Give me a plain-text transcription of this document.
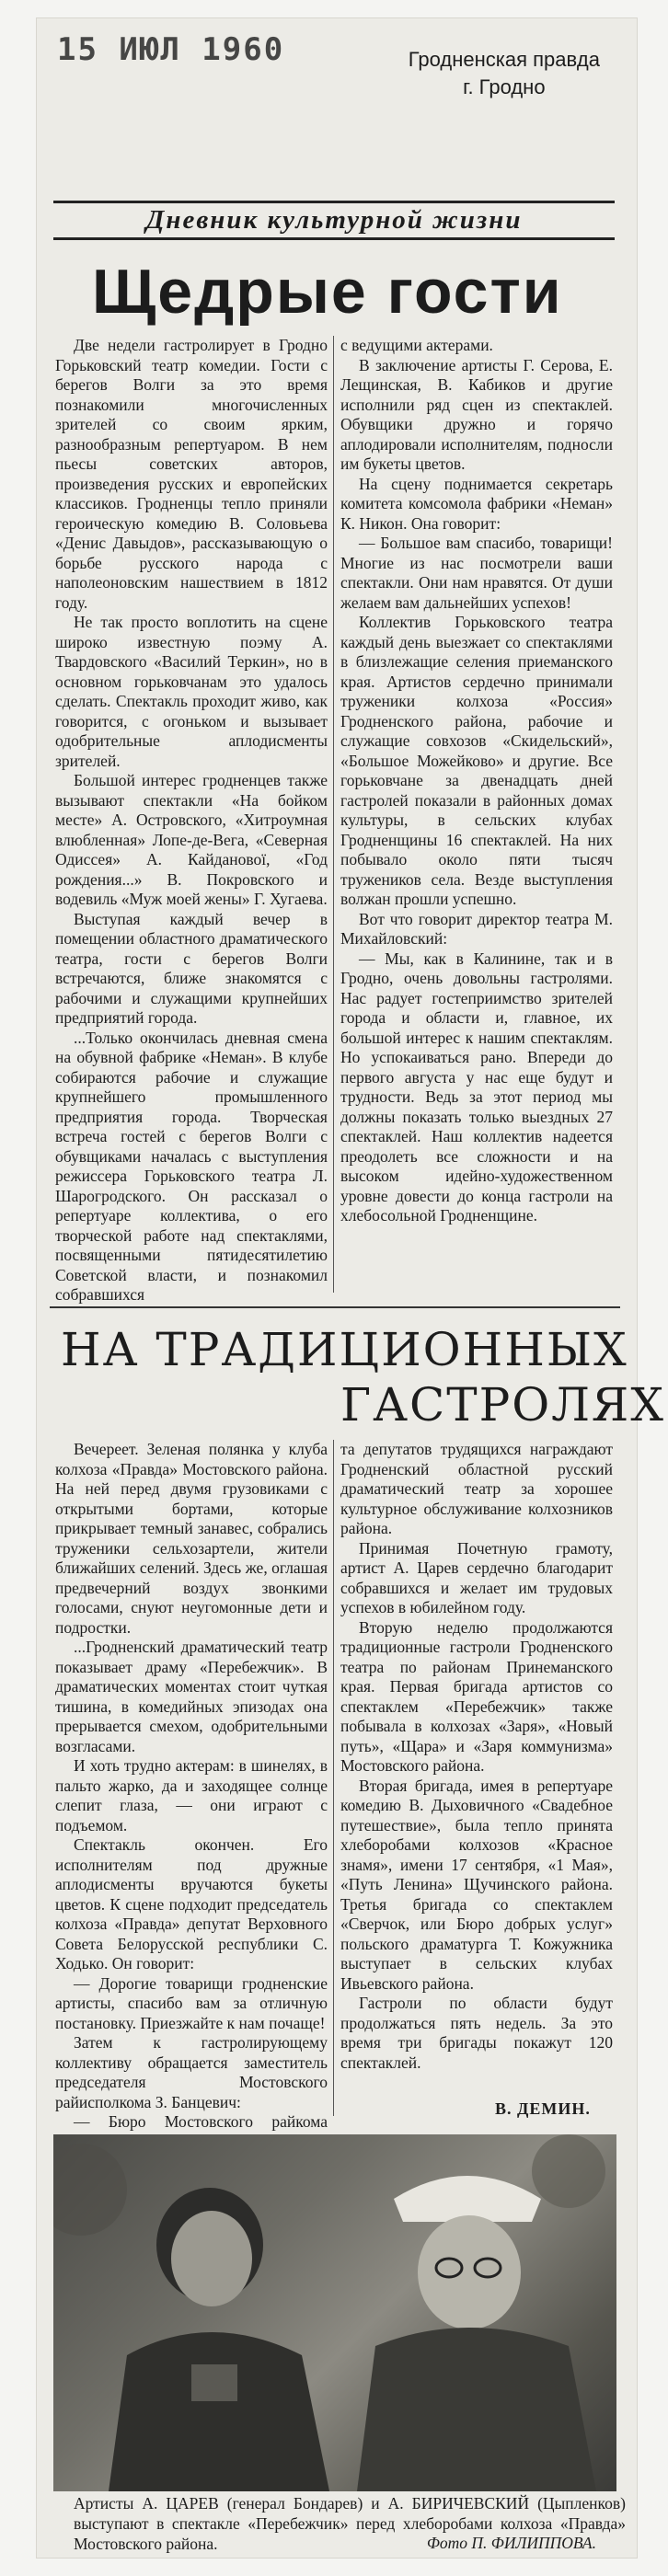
15 ИЮЛ 1960	Гродненская правда
г. Гродно
Дневник культурной жизни
Щедрые гости

Две недели гастролирует в Гродно Горьковский театр комедии. Гости с берегов Волги за это время познакомили многочисленных зрителей со своим ярким, разнообразным репертуаром. В нем пьесы советских авторов, произведения русских и европейских классиков. Гродненцы тепло приняли героическую комедию В. Соловьева «Денис Давыдов», рассказывающую о борьбе русского народа с наполеоновским нашествием в 1812 году.

Не так просто воплотить на сцене широко известную поэму А. Твардовского «Василий Теркин», но в основном горьковчанам это удалось сделать. Спектакль проходит живо, как говорится, с огоньком и вызывает одобрительные аплодисменты зрителей.

Большой интерес гродненцев также вызывают спектакли «На бойком месте» А. Островского, «Хитроумная влюбленная» Лопе-де-Вега, «Северная Одиссея» А. Кайданової, «Год рождения...» В. Покровского и водевиль «Муж моей жены» Г. Хугаева.

Выступая каждый вечер в помещении областного драматического театра, гости с берегов Волги встречаются, ближе знакомятся с рабочими и служащими крупнейших предприятий города.

...Только окончилась дневная смена на обувной фабрике «Неман». В клубе собираются рабочие и служащие крупнейшего промышленного предприятия города. Творческая встреча гостей с берегов Волги с обувщиками началась с выступления режиссера Горьковского театра Л. Шарогродского. Он рассказал о репертуаре коллектива, о его творческой работе над спектаклями, посвященными пятидесятилетию Советской власти, и познакомил собравшихся

с ведущими актерами.

В заключение артисты Г. Серова, Е. Лещинская, В. Кабиков и другие исполнили ряд сцен из спектаклей. Обувщики дружно и горячо аплодировали исполнителям, подносли им букеты цветов.

На сцену поднимается секретарь комитета комсомола фабрики «Неман» К. Никон. Она говорит:

— Большое вам спасибо, товарищи! Многие из нас посмотрели ваши спектакли. Они нам нравятся. От души желаем вам дальнейших успехов!

Коллектив Горьковского театра каждый день выезжает со спектаклями в близлежащие селения приеманского края. Артистов сердечно принимали труженики колхоза «Россия» Гродненского района, рабочие и служащие совхозов «Скидельский», «Большое Можейково» и другие. Все горьковчане за двенадцать дней гастролей показали в районных домах культуры, в сельских клубах Гродненщины 16 спектаклей. На них побывало около пяти тысяч тружеников села. Везде выступления волжан прошли успешно.

Вот что говорит директор театра М. Михайловский:

— Мы, как в Калинине, так и в Гродно, очень довольны гастролями. Нас радует гостеприимство зрителей города и области и, главное, их большой интерес к нашим спектаклям. Но успокаиваться рано. Впереди до первого августа у нас еще будут и трудности. Ведь за этот период мы должны показать только выездных 27 спектаклей. Наш коллектив надеется преодолеть все сложности и на высоком идейно-художественном уровне довести до конца гастроли на хлебосольной Гродненщине.

НА ТРАДИЦИОННЫХ
ГАСТРОЛЯХ

Вечереет. Зеленая полянка у клуба колхоза «Правда» Мостовского района. На ней перед двумя грузовиками с открытыми бортами, которые прикрывает темный занавес, собрались труженики сельхозартели, жители ближайших селений. Здесь же, оглашая предвечерний воздух звонкими голосами, снуют неугомонные дети и подростки.

...Гродненский драматический театр показывает драму «Перебежчик». В драматических моментах стоит чуткая тишина, в комедийных эпизодах она прерывается смехом, одобрительными возгласами.

И хоть трудно актерам: в шинелях, в пальто жарко, да и заходящее солнце слепит глаза, — они играют с подъемом.

Спектакль окончен. Его исполнителям под дружные аплодисменты вручаются букеты цветов. К сцене подходит председатель колхоза «Правда» депутат Верховного Совета Белорусской республики С. Ходько. Он говорит:

— Дорогие товарищи гродненские артисты, спасибо вам за отличную постановку. Приезжайте к нам почаще!

Затем к гастролирующему коллективу обращается заместитель председателя Мостовского райисполкома З. Банцевич:

— Бюро Мостовского райкома

та депутатов трудящихся награждают Гродненский областной русский драматический театр за хорошее культурное обслуживание колхозников района.

Принимая Почетную грамоту, артист А. Царев сердечно благодарит собравшихся и желает им трудовых успехов в юбилейном году.

Вторую неделю продолжаются традиционные гастроли Гродненского театра по районам Принеманского края. Первая бригада артистов со спектаклем «Перебежчик» также побывала в колхозах «Заря», «Новый путь», «Щара» и «Заря коммунизма» Мостовского района.

Вторая бригада, имея в репертуаре комедию В. Дыховичного «Свадебное путешествие», была тепло принята хлеборобами колхозов «Красное знамя», имени 17 сентября, «1 Мая», «Путь Ленина» Щучинского района. Третья бригада со спектаклем «Сверчок, или Бюро добрых услуг» польского драматурга Т. Кожужника выступает в сельских клубах Ивьевского района.

Гастроли по области будут продолжаться пять недель. За это время три бригады покажут 120 спектаклей.

В. ДЕМИН.
Артисты А. ЦАРЕВ (генерал Бондарев) и А. БИРИЧЕВСКИЙ (Цыпленков) выступают в спектакле «Перебежчик» перед хлеборобами колхоза «Правда» Мостовского района.	Фото П. ФИЛИППОВА.
